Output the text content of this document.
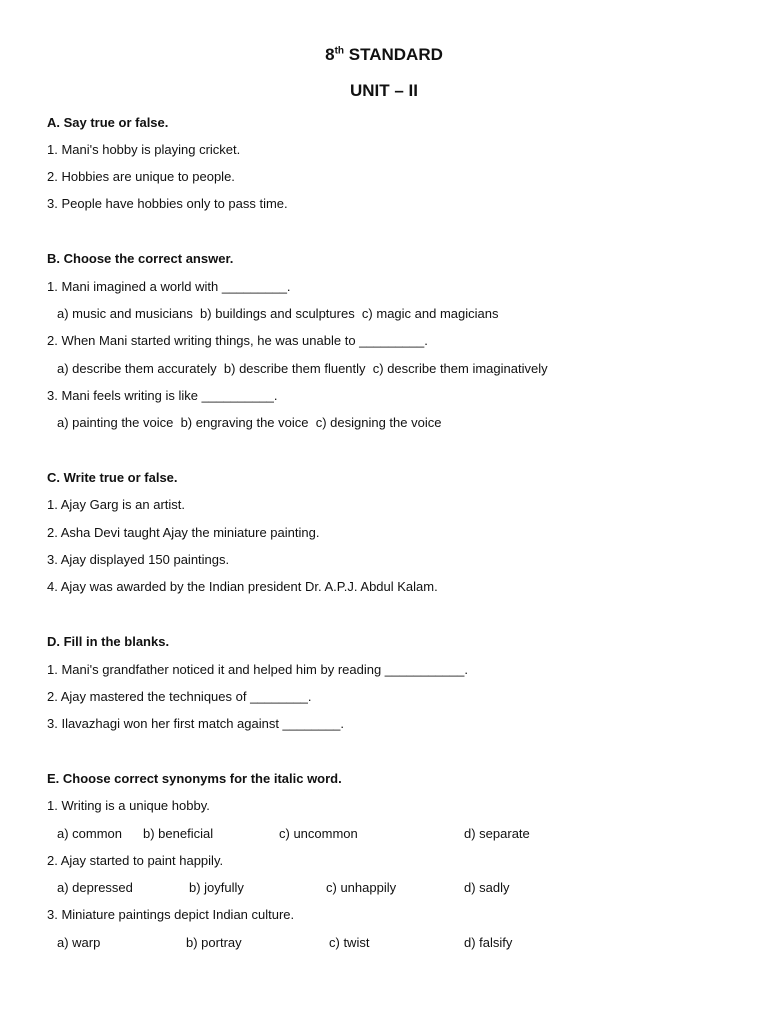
8th STANDARD
UNIT – II
A. Say true or false.
1. Mani's hobby is playing cricket.
2. Hobbies are unique to people.
3. People have hobbies only to pass time.
B. Choose the correct answer.
1. Mani imagined a world with _________.
a) music and musicians  b) buildings and sculptures  c) magic and magicians
2. When Mani started writing things, he was unable to _________.
a) describe them accurately  b) describe them fluently  c) describe them imaginatively
3. Mani feels writing is like __________.
a) painting the voice  b) engraving the voice  c) designing the voice
C. Write true or false.
1. Ajay Garg is an artist.
2. Asha Devi taught Ajay the miniature painting.
3. Ajay displayed 150 paintings.
4. Ajay was awarded by the Indian president Dr. A.P.J. Abdul Kalam.
D. Fill in the blanks.
1. Mani's grandfather noticed it and helped him by reading ___________.
2. Ajay mastered the techniques of ________.
3. Ilavazhagi won her first match against ________.
E. Choose correct synonyms for the italic word.
1. Writing is a unique hobby.
a) common b) beneficial	c) uncommon	d) separate
2. Ajay started to paint happily.
a) depressed	b) joyfully	c) unhappily	d) sadly
3. Miniature paintings depict Indian culture.
a) warp	b) portray	c) twist	d) falsify
